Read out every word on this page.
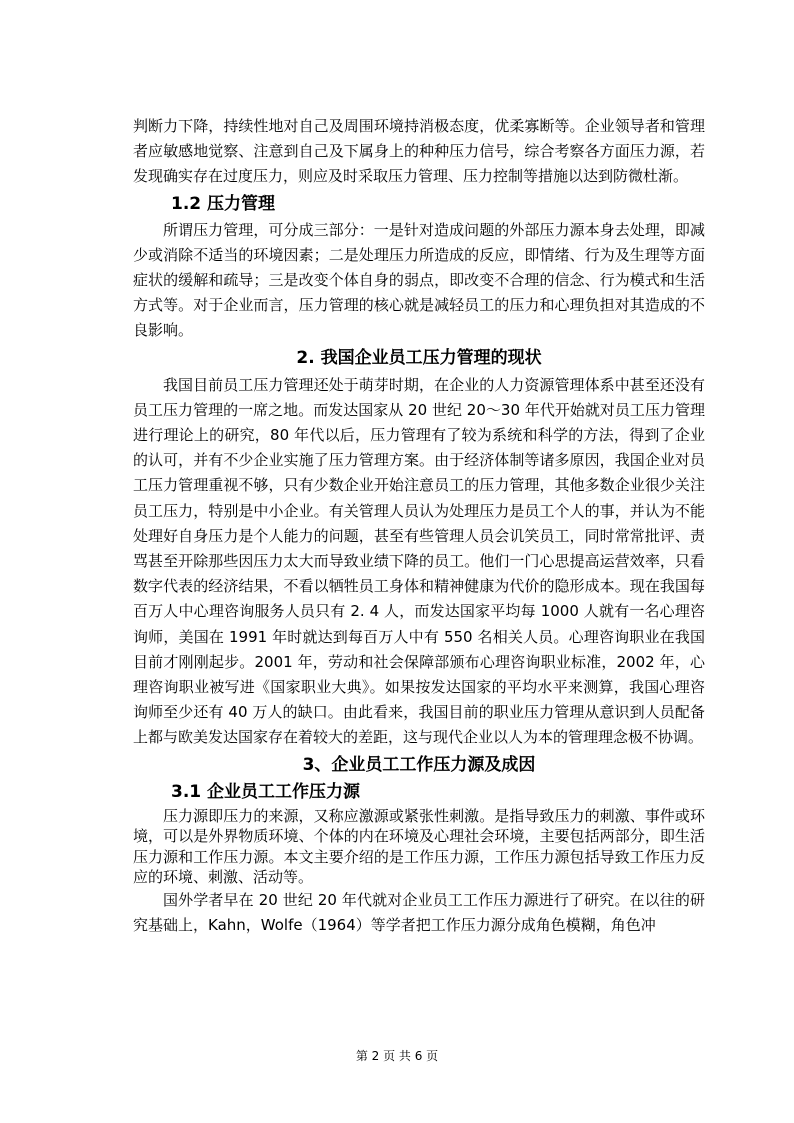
判断力下降，持续性地对自己及周围环境持消极态度，优柔寡断等。企业领导者和管理者应敏感地觉察、注意到自己及下属身上的种种压力信号，综合考察各方面压力源，若发现确实存在过度压力，则应及时采取压力管理、压力控制等措施以达到防微杜渐。

1.2 压力管理

所谓压力管理，可分成三部分：一是针对造成问题的外部压力源本身去处理，即减少或消除不适当的环境因素；二是处理压力所造成的反应，即情绪、行为及生理等方面症状的缓解和疏导；三是改变个体自身的弱点，即改变不合理的信念、行为模式和生活方式等。对于企业而言，压力管理的核心就是减轻员工的压力和心理负担对其造成的不良影响。

2. 我国企业员工压力管理的现状

我国目前员工压力管理还处于萌芽时期，在企业的人力资源管理体系中甚至还没有员工压力管理的一席之地。而发达国家从 20 世纪 20～30 年代开始就对员工压力管理进行理论上的研究，80 年代以后，压力管理有了较为系统和科学的方法，得到了企业的认可，并有不少企业实施了压力管理方案。由于经济体制等诸多原因，我国企业对员工压力管理重视不够，只有少数企业开始注意员工的压力管理，其他多数企业很少关注员工压力，特别是中小企业。有关管理人员认为处理压力是员工个人的事，并认为不能处理好自身压力是个人能力的问题，甚至有些管理人员会讥笑员工，同时常常批评、责骂甚至开除那些因压力太大而导致业绩下降的员工。他们一门心思提高运营效率，只看数字代表的经济结果，不看以牺牲员工身体和精神健康为代价的隐形成本。现在我国每百万人中心理咨询服务人员只有 2. 4 人，而发达国家平均每 1000 人就有一名心理咨询师，美国在 1991 年时就达到每百万人中有 550 名相关人员。心理咨询职业在我国目前才刚刚起步。2001 年，劳动和社会保障部颁布心理咨询职业标准，2002 年，心理咨询职业被写进《国家职业大典》。如果按发达国家的平均水平来测算，我国心理咨询师至少还有 40 万人的缺口。由此看来，我国目前的职业压力管理从意识到人员配备上都与欧美发达国家存在着较大的差距，这与现代企业以人为本的管理理念极不协调。

3、企业员工工作压力源及成因
3.1 企业员工工作压力源

压力源即压力的来源，又称应激源或紧张性刺激。是指导致压力的刺激、事件或环境，可以是外界物质环境、个体的内在环境及心理社会环境，主要包括两部分，即生活压力源和工作压力源。本文主要介绍的是工作压力源，工作压力源包括导致工作压力反应的环境、刺激、活动等。

国外学者早在 20 世纪 20 年代就对企业员工工作压力源进行了研究。在以往的研究基础上，Kahn，Wolfe（1964）等学者把工作压力源分成角色模糊，角色冲

第 2 页 共 6 页
